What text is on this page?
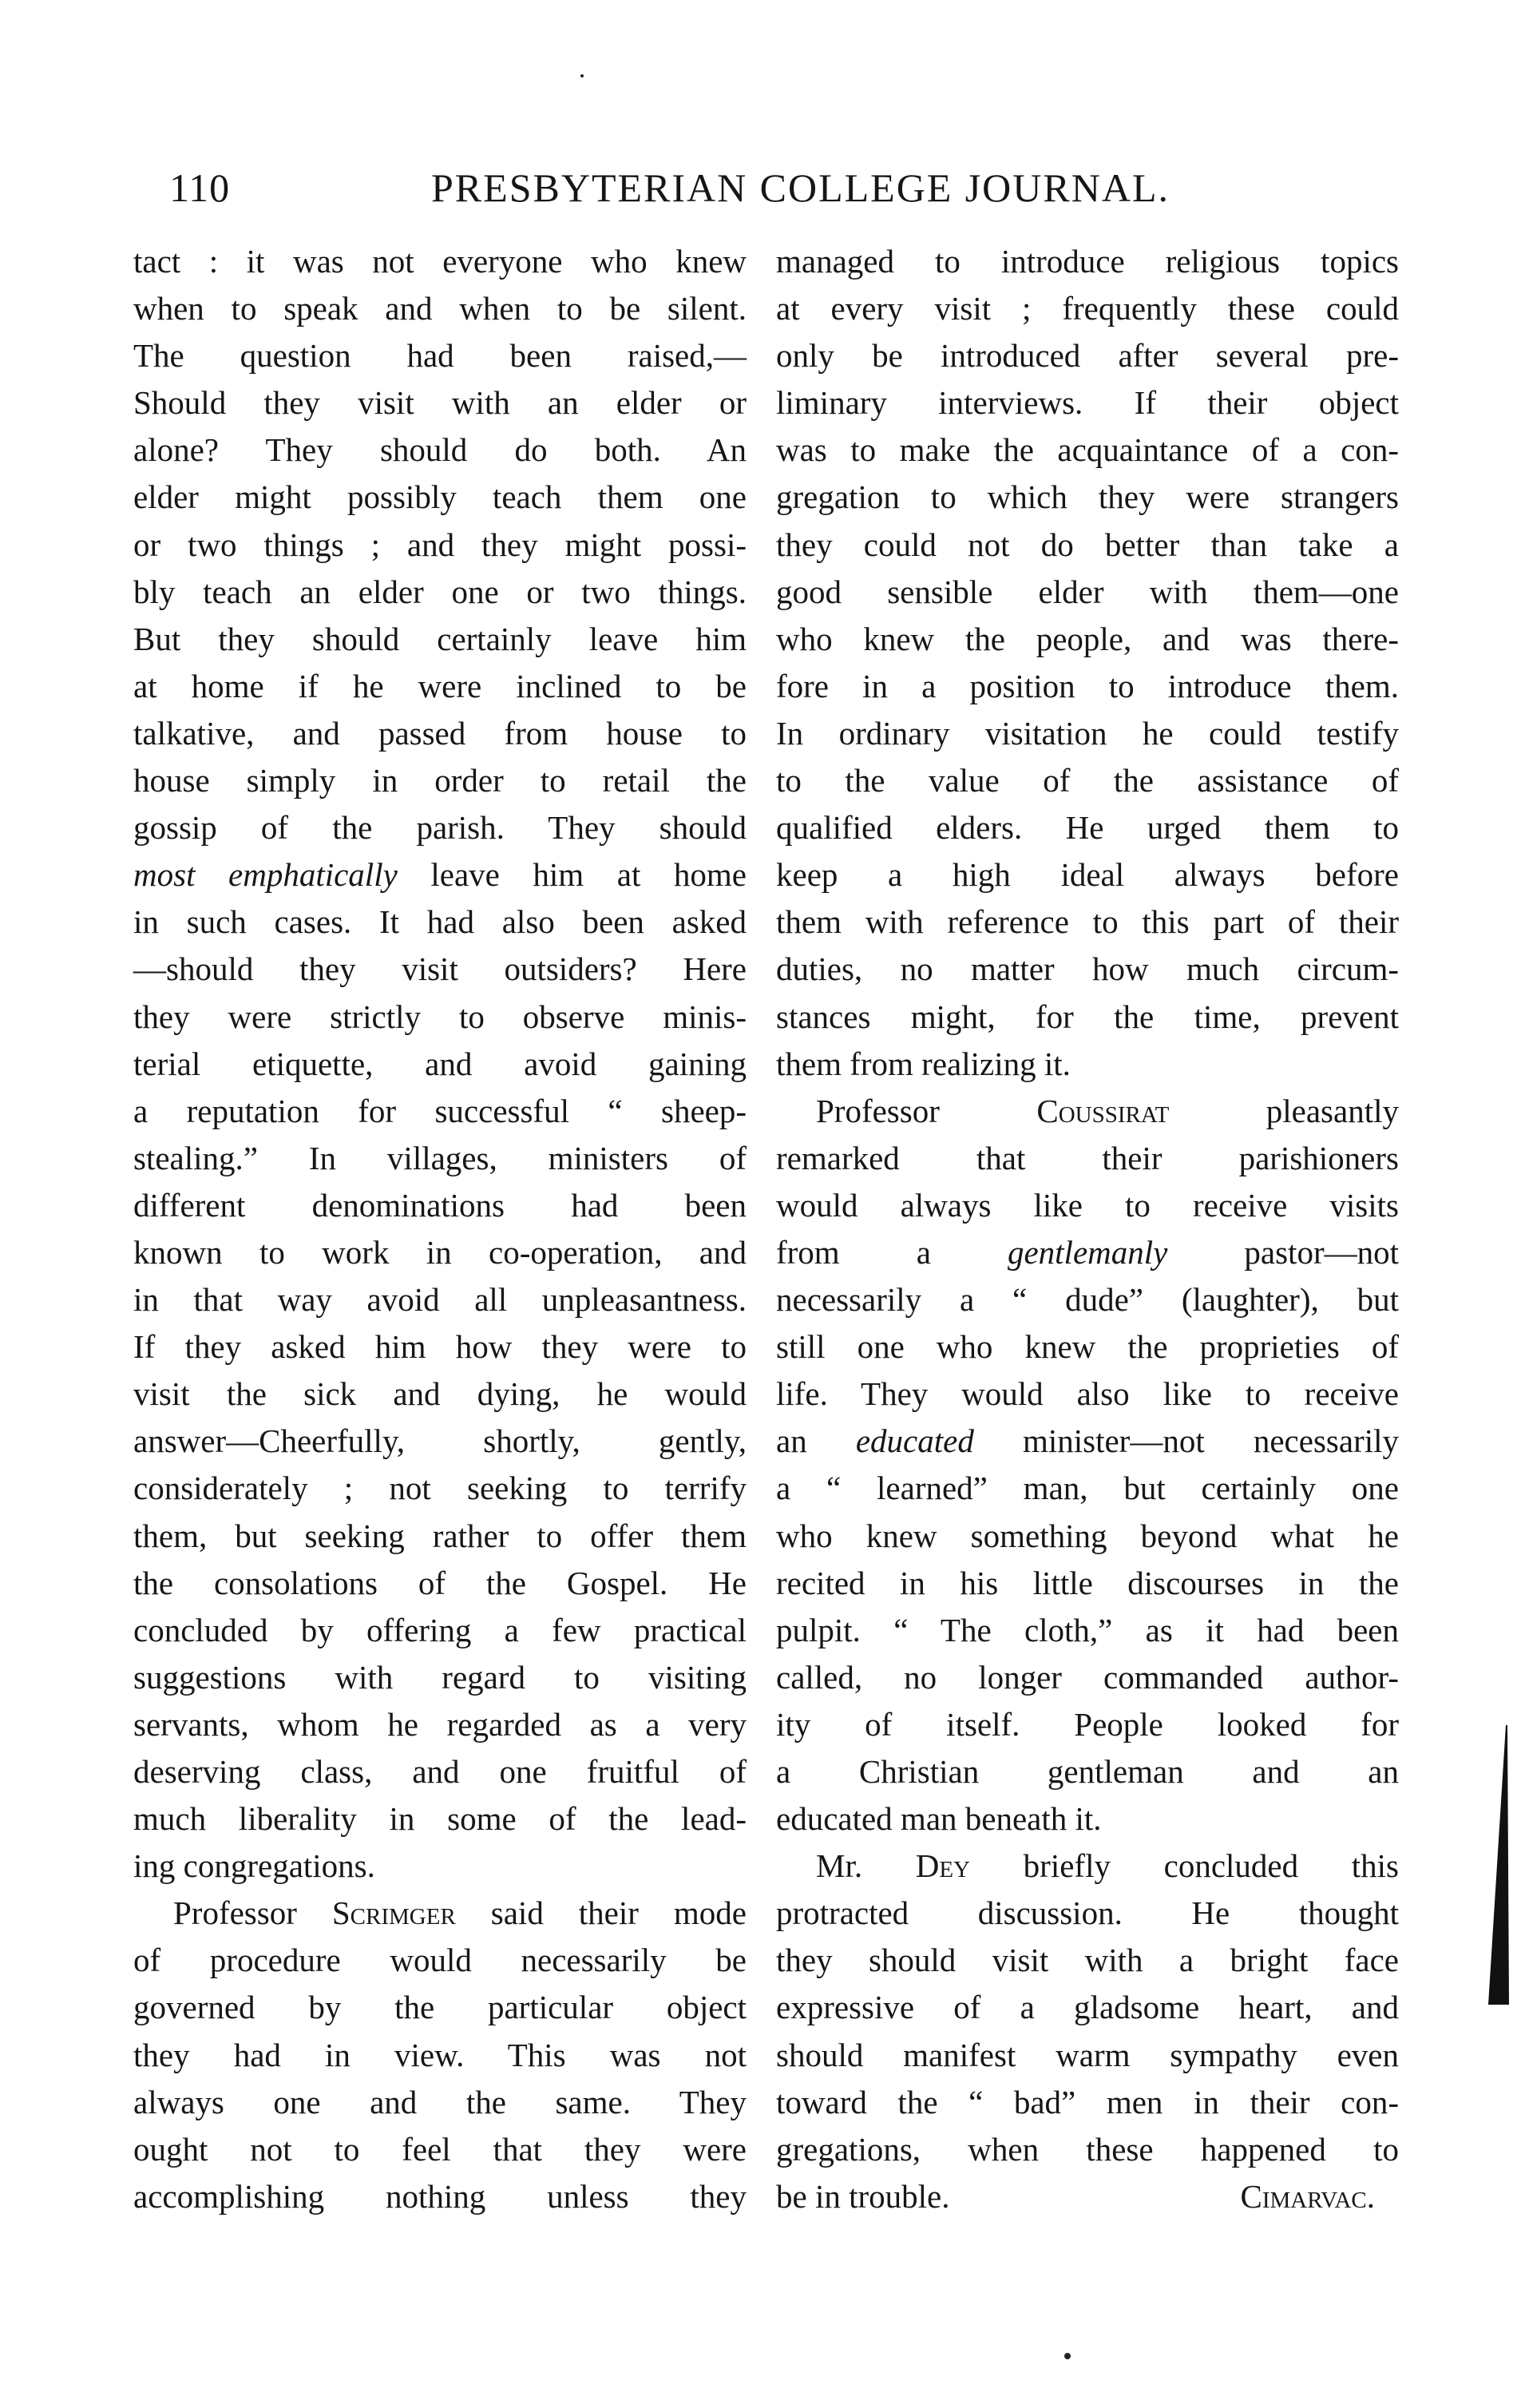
110	PRESBYTERIAN COLLEGE JOURNAL.
tact : it was not everyone who knew
when to speak and when to be silent.
The question had been raised,—
Should they visit with an elder or
alone? They should do both. An
elder might possibly teach them one
or two things ; and they might possi-
bly teach an elder one or two things.
But they should certainly leave him
at home if he were inclined to be
talkative, and passed from house to
house simply in order to retail the
gossip of the parish. They should
most emphatically leave him at home
in such cases. It had also been asked
—should they visit outsiders? Here
they were strictly to observe minis-
terial etiquette, and avoid gaining
a reputation for successful “ sheep-
stealing.” In villages, ministers of
different denominations had been
known to work in co-operation, and
in that way avoid all unpleasantness.
If they asked him how they were to
visit the sick and dying, he would
answer—Cheerfully, shortly, gently,
considerately ; not seeking to terrify
them, but seeking rather to offer them
the consolations of the Gospel. He
concluded by offering a few practical
suggestions with regard to visiting
servants, whom he regarded as a very
deserving class, and one fruitful of
much liberality in some of the lead-
ing congregations.
Professor Scrimger said their mode
of procedure would necessarily be
governed by the particular object
they had in view. This was not
always one and the same. They
ought not to feel that they were
accomplishing nothing unless they
managed to introduce religious topics
at every visit ; frequently these could
only be introduced after several pre-
liminary interviews. If their object
was to make the acquaintance of a con-
gregation to which they were strangers
they could not do better than take a
good sensible elder with them—one
who knew the people, and was there-
fore in a position to introduce them.
In ordinary visitation he could testify
to the value of the assistance of
qualified elders. He urged them to
keep a high ideal always before
them with reference to this part of their
duties, no matter how much circum-
stances might, for the time, prevent
them from realizing it.
Professor Coussirat pleasantly
remarked that their parishioners
would always like to receive visits
from a gentlemanly pastor—not
necessarily a “ dude” (laughter), but
still one who knew the proprieties of
life. They would also like to receive
an educated minister—not necessarily
a “ learned” man, but certainly one
who knew something beyond what he
recited in his little discourses in the
pulpit. “ The cloth,” as it had been
called, no longer commanded author-
ity of itself. People looked for
a Christian gentleman and an
educated man beneath it.
Mr. Dey briefly concluded this
protracted discussion. He thought
they should visit with a bright face
expressive of a gladsome heart, and
should manifest warm sympathy even
toward the “ bad” men in their con-
gregations, when these happened to
be in trouble.	Cimarvac.
